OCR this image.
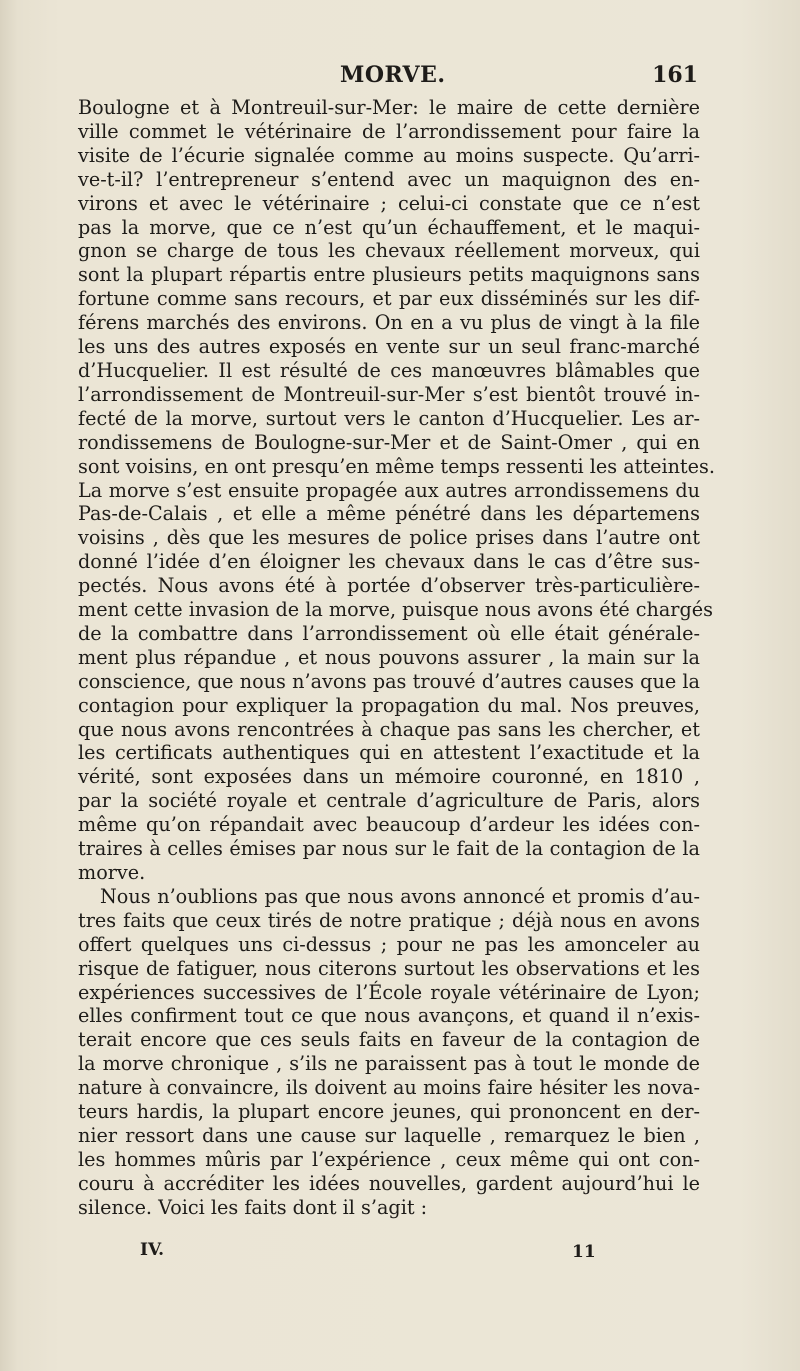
MORVE.	161

Boulogne et à Montreuil-sur-Mer: le maire de cette dernière
ville commet le vétérinaire de l’arrondissement pour faire la
visite de l’écurie signalée comme au moins suspecte. Qu’arri-
ve-t-il? l’entrepreneur s’entend avec un maquignon des en-
virons et avec le vétérinaire ; celui-ci constate que ce n’est
pas la morve, que ce n’est qu’un échauffement, et le maqui-
gnon se charge de tous les chevaux réellement morveux, qui
sont la plupart répartis entre plusieurs petits maquignons sans
fortune comme sans recours, et par eux disséminés sur les dif-
férens marchés des environs. On en a vu plus de vingt à la file
les uns des autres exposés en vente sur un seul franc-marché
d’Hucquelier. Il est résulté de ces manœuvres blâmables que
l’arrondissement de Montreuil-sur-Mer s’est bientôt trouvé in-
fecté de la morve, surtout vers le canton d’Hucquelier. Les ar-
rondissemens de Boulogne-sur-Mer et de Saint-Omer , qui en
sont voisins, en ont presqu’en même temps ressenti les atteintes.
La morve s’est ensuite propagée aux autres arrondissemens du
Pas-de-Calais , et elle a même pénétré dans les départemens
voisins , dès que les mesures de police prises dans l’autre ont
donné l’idée d’en éloigner les chevaux dans le cas d’être sus-
pectés. Nous avons été à portée d’observer très-particulière-
ment cette invasion de la morve, puisque nous avons été chargés
de la combattre dans l’arrondissement où elle était générale-
ment plus répandue , et nous pouvons assurer , la main sur la
conscience, que nous n’avons pas trouvé d’autres causes que la
contagion pour expliquer la propagation du mal. Nos preuves,
que nous avons rencontrées à chaque pas sans les chercher, et
les certificats authentiques qui en attestent l’exactitude et la
vérité, sont exposées dans un mémoire couronné, en 1810 ,
par la société royale et centrale d’agriculture de Paris, alors
même qu’on répandait avec beaucoup d’ardeur les idées con-
traires à celles émises par nous sur le fait de la contagion de la
morve.

Nous n’oublions pas que nous avons annoncé et promis d’au-
tres faits que ceux tirés de notre pratique ; déjà nous en avons
offert quelques uns ci-dessus ; pour ne pas les amonceler au
risque de fatiguer, nous citerons surtout les observations et les
expériences successives de l’École royale vétérinaire de Lyon;
elles confirment tout ce que nous avançons, et quand il n’exis-
terait encore que ces seuls faits en faveur de la contagion de
la morve chronique , s’ils ne paraissent pas à tout le monde de
nature à convaincre, ils doivent au moins faire hésiter les nova-
teurs hardis, la plupart encore jeunes, qui prononcent en der-
nier ressort dans une cause sur laquelle , remarquez le bien ,
les hommes mûris par l’expérience , ceux même qui ont con-
couru à accréditer les idées nouvelles, gardent aujourd’hui le
silence. Voici les faits dont il s’agit :

IV.	11
